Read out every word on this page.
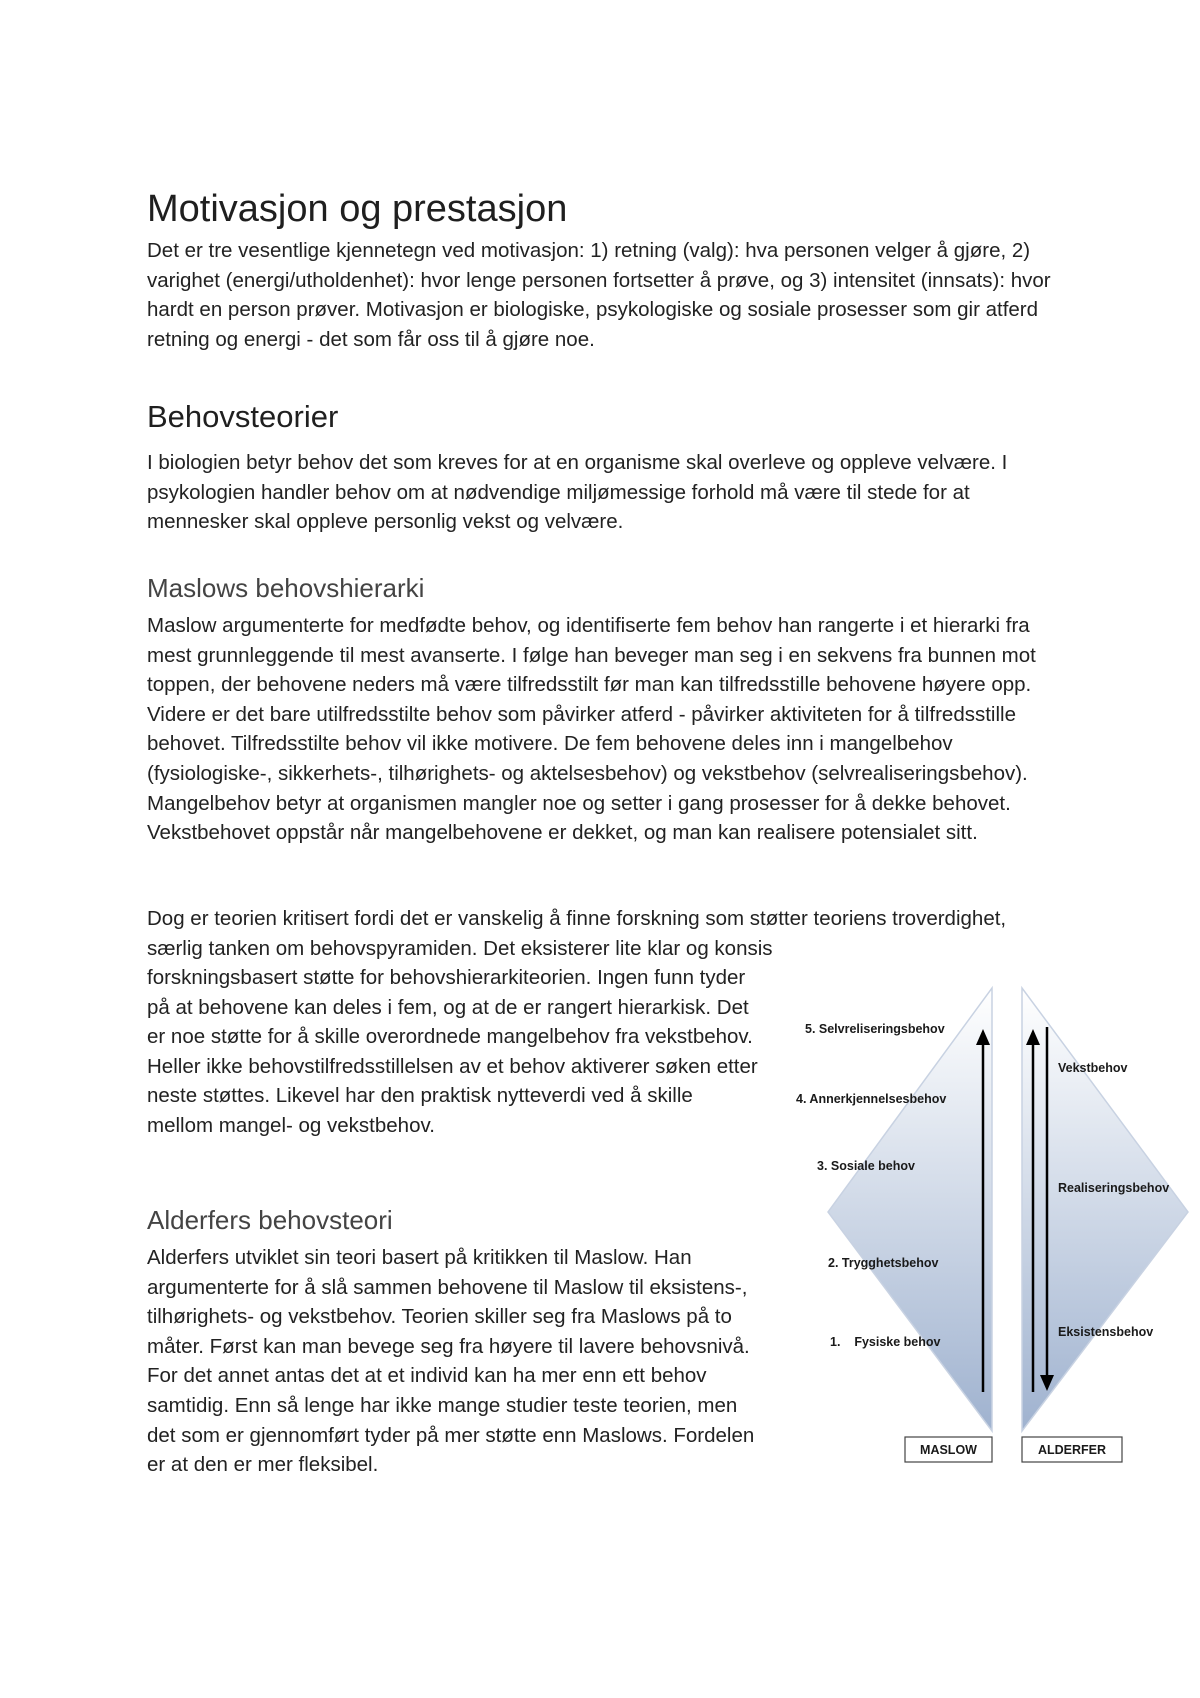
Motivasjon og prestasjon

Det er tre vesentlige kjennetegn ved motivasjon: 1) retning (valg): hva personen velger å gjøre, 2) varighet (energi/utholdenhet): hvor lenge personen fortsetter å prøve, og 3) intensitet (innsats): hvor hardt en person prøver. Motivasjon er biologiske, psykologiske og sosiale prosesser som gir atferd retning og energi - det som får oss til å gjøre noe.

Behovsteorier

I biologien betyr behov det som kreves for at en organisme skal overleve og oppleve velvære. I psykologien handler behov om at nødvendige miljømessige forhold må være til stede for at mennesker skal oppleve personlig vekst og velvære.

Maslows behovshierarki

Maslow argumenterte for medfødte behov, og identifiserte fem behov han rangerte i et hierarki fra mest grunnleggende til mest avanserte. I følge han beveger man seg i en sekvens fra bunnen mot toppen, der behovene neders må være tilfredsstilt før man kan tilfredsstille behovene høyere opp. Videre er det bare utilfredsstilte behov som påvirker atferd - påvirker aktiviteten for å tilfredsstille behovet. Tilfredsstilte behov vil ikke motivere. De fem behovene deles inn i mangelbehov (fysiologiske-, sikkerhets-, tilhørighets- og aktelsesbehov) og vekstbehov (selvrealiseringsbehov). Mangelbehov betyr at organismen mangler noe og setter i gang prosesser for å dekke behovet. Vekstbehovet oppstår når mangelbehovene er dekket, og man kan realisere potensialet sitt.

Dog er teorien kritisert fordi det er vanskelig å finne forskning som støtter teoriens troverdighet, særlig tanken om behovspyramiden. Det eksisterer lite klar og konsis

forskningsbasert støtte for behovshierarkiteorien. Ingen funn tyder på at behovene kan deles i fem, og at de er rangert hierarkisk. Det er noe støtte for å skille overordnede mangelbehov fra vekstbehov. Heller ikke behovstilfredsstillelsen av et behov aktiverer søken etter neste støttes. Likevel har den praktisk nytteverdi ved å skille mellom mangel- og vekstbehov.

Alderfers behovsteori

Alderfers utviklet sin teori basert på kritikken til Maslow. Han argumenterte for å slå sammen behovene til Maslow til eksistens-, tilhørighets- og vekstbehov. Teorien skiller seg fra Maslows på to måter. Først kan man bevege seg fra høyere til lavere behovsnivå. For det annet antas det at et individ kan ha mer enn ett behov samtidig. Enn så lenge har ikke mange studier teste teorien, men det som er gjennomført tyder på mer støtte enn Maslows. Fordelen er at den er mer fleksibel.

5. Selvreliseringsbehov
4. Annerkjennelsesbehov
3. Sosiale behov
2. Trygghetsbehov
1.    Fysiske behov
Vekstbehov
Realiseringsbehov
Eksistensbehov
MASLOW	ALDERFER
